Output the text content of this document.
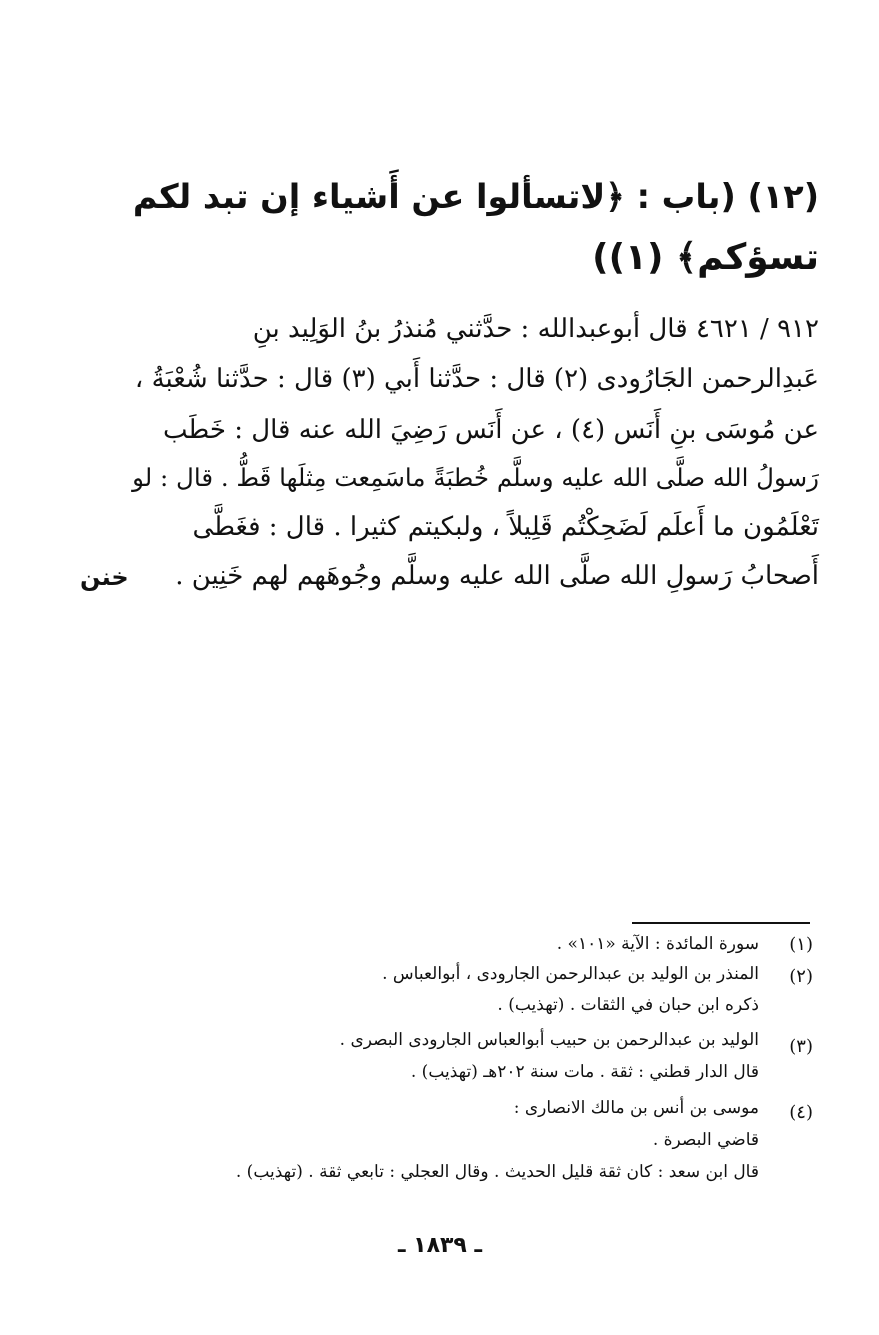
(١٢) (باب : ﴿لاتسألوا عن أَشياء إن تبد لكم
تسؤكم﴾ (١))
٩١٢ / ٤٦٢١ قال أبوعبدالله : حدَّثني مُنذرُ بنُ الوَلِيد بنِ
عَبدِالرحمن الجَارُودى (٢) قال : حدَّثنا أَبي (٣) قال : حدَّثنا شُعْبَةُ ،
عن مُوسَى بنِ أَنَس (٤) ، عن أَنَس رَضِيَ الله عنه قال : خَطَب
رَسولُ الله صلَّى الله عليه وسلَّم خُطبَةً ماسَمِعت مِثلَها قَطُّ . قال : لو
تَعْلَمُون ما أَعلَم لَضَحِكْتُم قَلِيلاً ، ولبكيتم كثيرا . قال : فغَطَّى
أَصحابُ رَسولِ الله صلَّى الله عليه وسلَّم وجُوهَهم لهم خَنِين .
خنن
(١)
سورة المائدة : الآية «١٠١» .
(٢)
المنذر بن الوليد بن عبدالرحمن الجارودى ، أبوالعباس .
ذكره ابن حبان في الثقات . (تهذيب) .
(٣)
الوليد بن عبدالرحمن بن حبيب أبوالعباس الجارودى البصرى .
قال الدار قطني : ثقة . مات سنة ٢٠٢هـ (تهذيب) .
(٤)
موسى بن أنس بن مالك الانصارى :
قاضي البصرة .
قال ابن سعد : كان ثقة قليل الحديث . وقال العجلي : تابعي ثقة . (تهذيب) .
ـ ١٨٣٩ ـ
